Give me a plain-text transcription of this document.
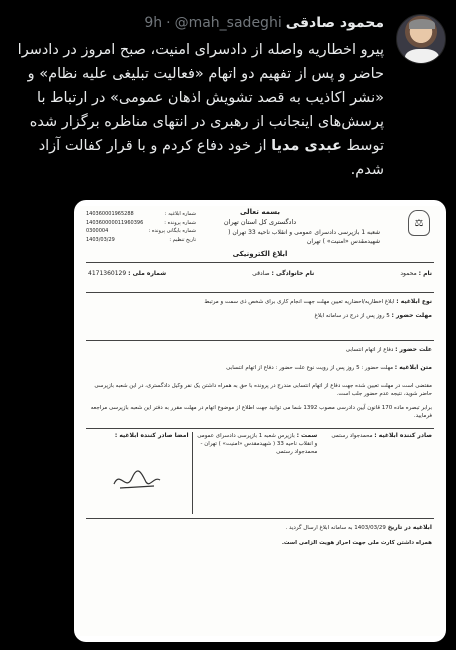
محمود صادقی
@mah_sadeghi
·
9h
پیرو اخطاریه واصله از دادسرای امنیت، صبح امروز در دادسرا حاضر و پس از تفهیم دو اتهام «فعالیت تبلیغی علیه نظام» و «نشر اکاذیب به قصد تشویش اذهان عمومی» در ارتباط با پرسش‌های اینجانب از رهبری در انتهای مناظره برگزار شده توسط عبدی مدیا از خود دفاع کردم و با قرار کفالت آزاد شدم.
⚖
بسمه تعالی
دادگستری کل استان تهران
شعبه 1 بازپرسی دادسرای عمومی و انقلاب ناحیه 33 تهران ( شهیدمقدس «امنیت» ) تهران
شماره ابلاغیه :
140360001965288
شماره پرونده :
140360000011960396
شماره بایگانی پرونده :
0300004
تاریخ تنظیم :
1403/03/29
ابلاغ الکترونیکی
نام : محمود
نام خانوادگی : صادقی
شماره ملی : 4171360129
نوع ابلاغیه : ابلاغ اخطاریه/احضاریه تعیین مهلت جهت انجام کاری برای شخص ذی سمت و مرتبط
مهلت حضور : 5 روز پس از درج در سامانه ابلاغ
علت حضور : دفاع از اتهام انتسابی
متن ابلاغیه : مهلت حضور : 5 روز پس از رویت نوع علت حضور : دفاع از اتهام انتسابی
مقتضی است در مهلت تعیین شده جهت دفاع از اتهام انتسابی مندرج در پرونده با حق به همراه داشتن یک نفر وکیل دادگستری، در این شعبه بازپرسی حاضر شوید، نتیجه عدم حضور جلب است.
برابر تبصره ماده 170 قانون آیین دادرسی مصوب 1392 شما می توانید جهت اطلاع از موضوع اتهام در مهلت مقرر به دفتر این شعبه بازپرسی مراجعه فرمایید.
صادر کننده ابلاغیه : محمدجواد رستمی
سمت : بازپرس شعبه 1 بازپرسی دادسرای عمومی و انقلاب ناحیه 33 ( شهیدمقدس «امنیت» ) تهران - محمدجواد رستمی
امضا صادر کننده ابلاغیه :
ابلاغیه در تاریخ 1403/03/29 به سامانه ابلاغ ارسال گردید .
همراه داشتن کارت ملی جهت احراز هویت الزامی است.
